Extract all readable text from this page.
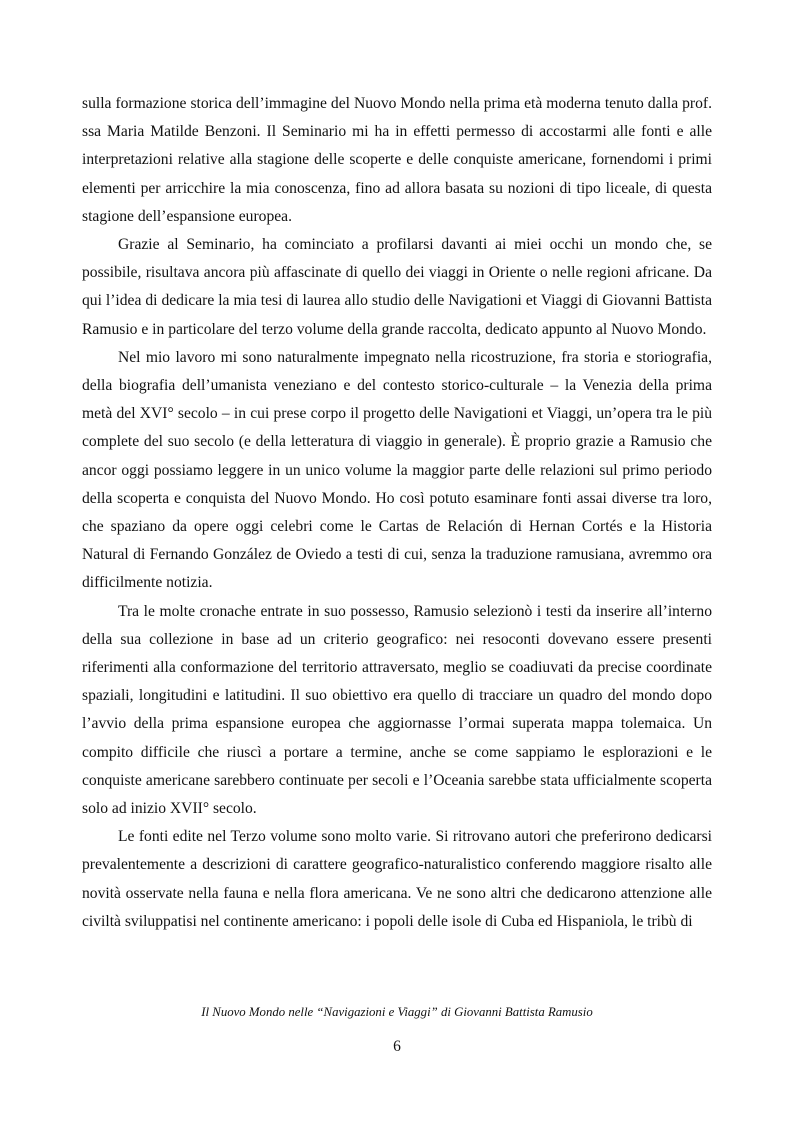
sulla formazione storica dell’immagine del Nuovo Mondo nella prima età moderna tenuto dalla prof. ssa Maria Matilde Benzoni. Il Seminario mi ha in effetti permesso di accostarmi alle fonti e alle interpretazioni relative alla stagione delle scoperte e delle conquiste americane, fornendomi i primi elementi per arricchire la mia conoscenza, fino ad allora basata su nozioni di tipo liceale, di questa stagione dell’espansione europea.

Grazie al Seminario, ha cominciato a profilarsi davanti ai miei occhi un mondo che, se possibile, risultava ancora più affascinate di quello dei viaggi in Oriente o nelle regioni africane. Da qui l’idea di dedicare la mia tesi di laurea allo studio delle Navigationi et Viaggi di Giovanni Battista Ramusio e in particolare del terzo volume della grande raccolta, dedicato appunto al Nuovo Mondo.

Nel mio lavoro mi sono naturalmente impegnato nella ricostruzione, fra storia e storiografia, della biografia dell’umanista veneziano e del contesto storico-culturale – la Venezia della prima metà del XVI° secolo – in cui prese corpo il progetto delle Navigationi et Viaggi, un’opera tra le più complete del suo secolo (e della letteratura di viaggio in generale). È proprio grazie a Ramusio che ancor oggi possiamo leggere in un unico volume la maggior parte delle relazioni sul primo periodo della scoperta e conquista del Nuovo Mondo. Ho così potuto esaminare fonti assai diverse tra loro, che spaziano da opere oggi celebri come le Cartas de Relación di Hernan Cortés e la Historia Natural di Fernando González de Oviedo a testi di cui, senza la traduzione ramusiana, avremmo ora difficilmente notizia.

Tra le molte cronache entrate in suo possesso, Ramusio selezionò i testi da inserire all’interno della sua collezione in base ad un criterio geografico: nei resoconti dovevano essere presenti riferimenti alla conformazione del territorio attraversato, meglio se coadiuvati da precise coordinate spaziali, longitudini e latitudini. Il suo obiettivo era quello di tracciare un quadro del mondo dopo l’avvio della prima espansione europea che aggiornasse l’ormai superata mappa tolemaica. Un compito difficile che riuscì a portare a termine, anche se come sappiamo le esplorazioni e le conquiste americane sarebbero continuate per secoli e l’Oceania sarebbe stata ufficialmente scoperta solo ad inizio XVII° secolo.

Le fonti edite nel Terzo volume sono molto varie. Si ritrovano autori che preferirono dedicarsi prevalentemente a descrizioni di carattere geografico-naturalistico conferendo maggiore risalto alle novità osservate nella fauna e nella flora americana. Ve ne sono altri che dedicarono attenzione alle civiltà sviluppatisi nel continente americano: i popoli delle isole di Cuba ed Hispaniola, le tribù di

Il Nuovo Mondo nelle “Navigazioni e Viaggi” di Giovanni Battista Ramusio
6
